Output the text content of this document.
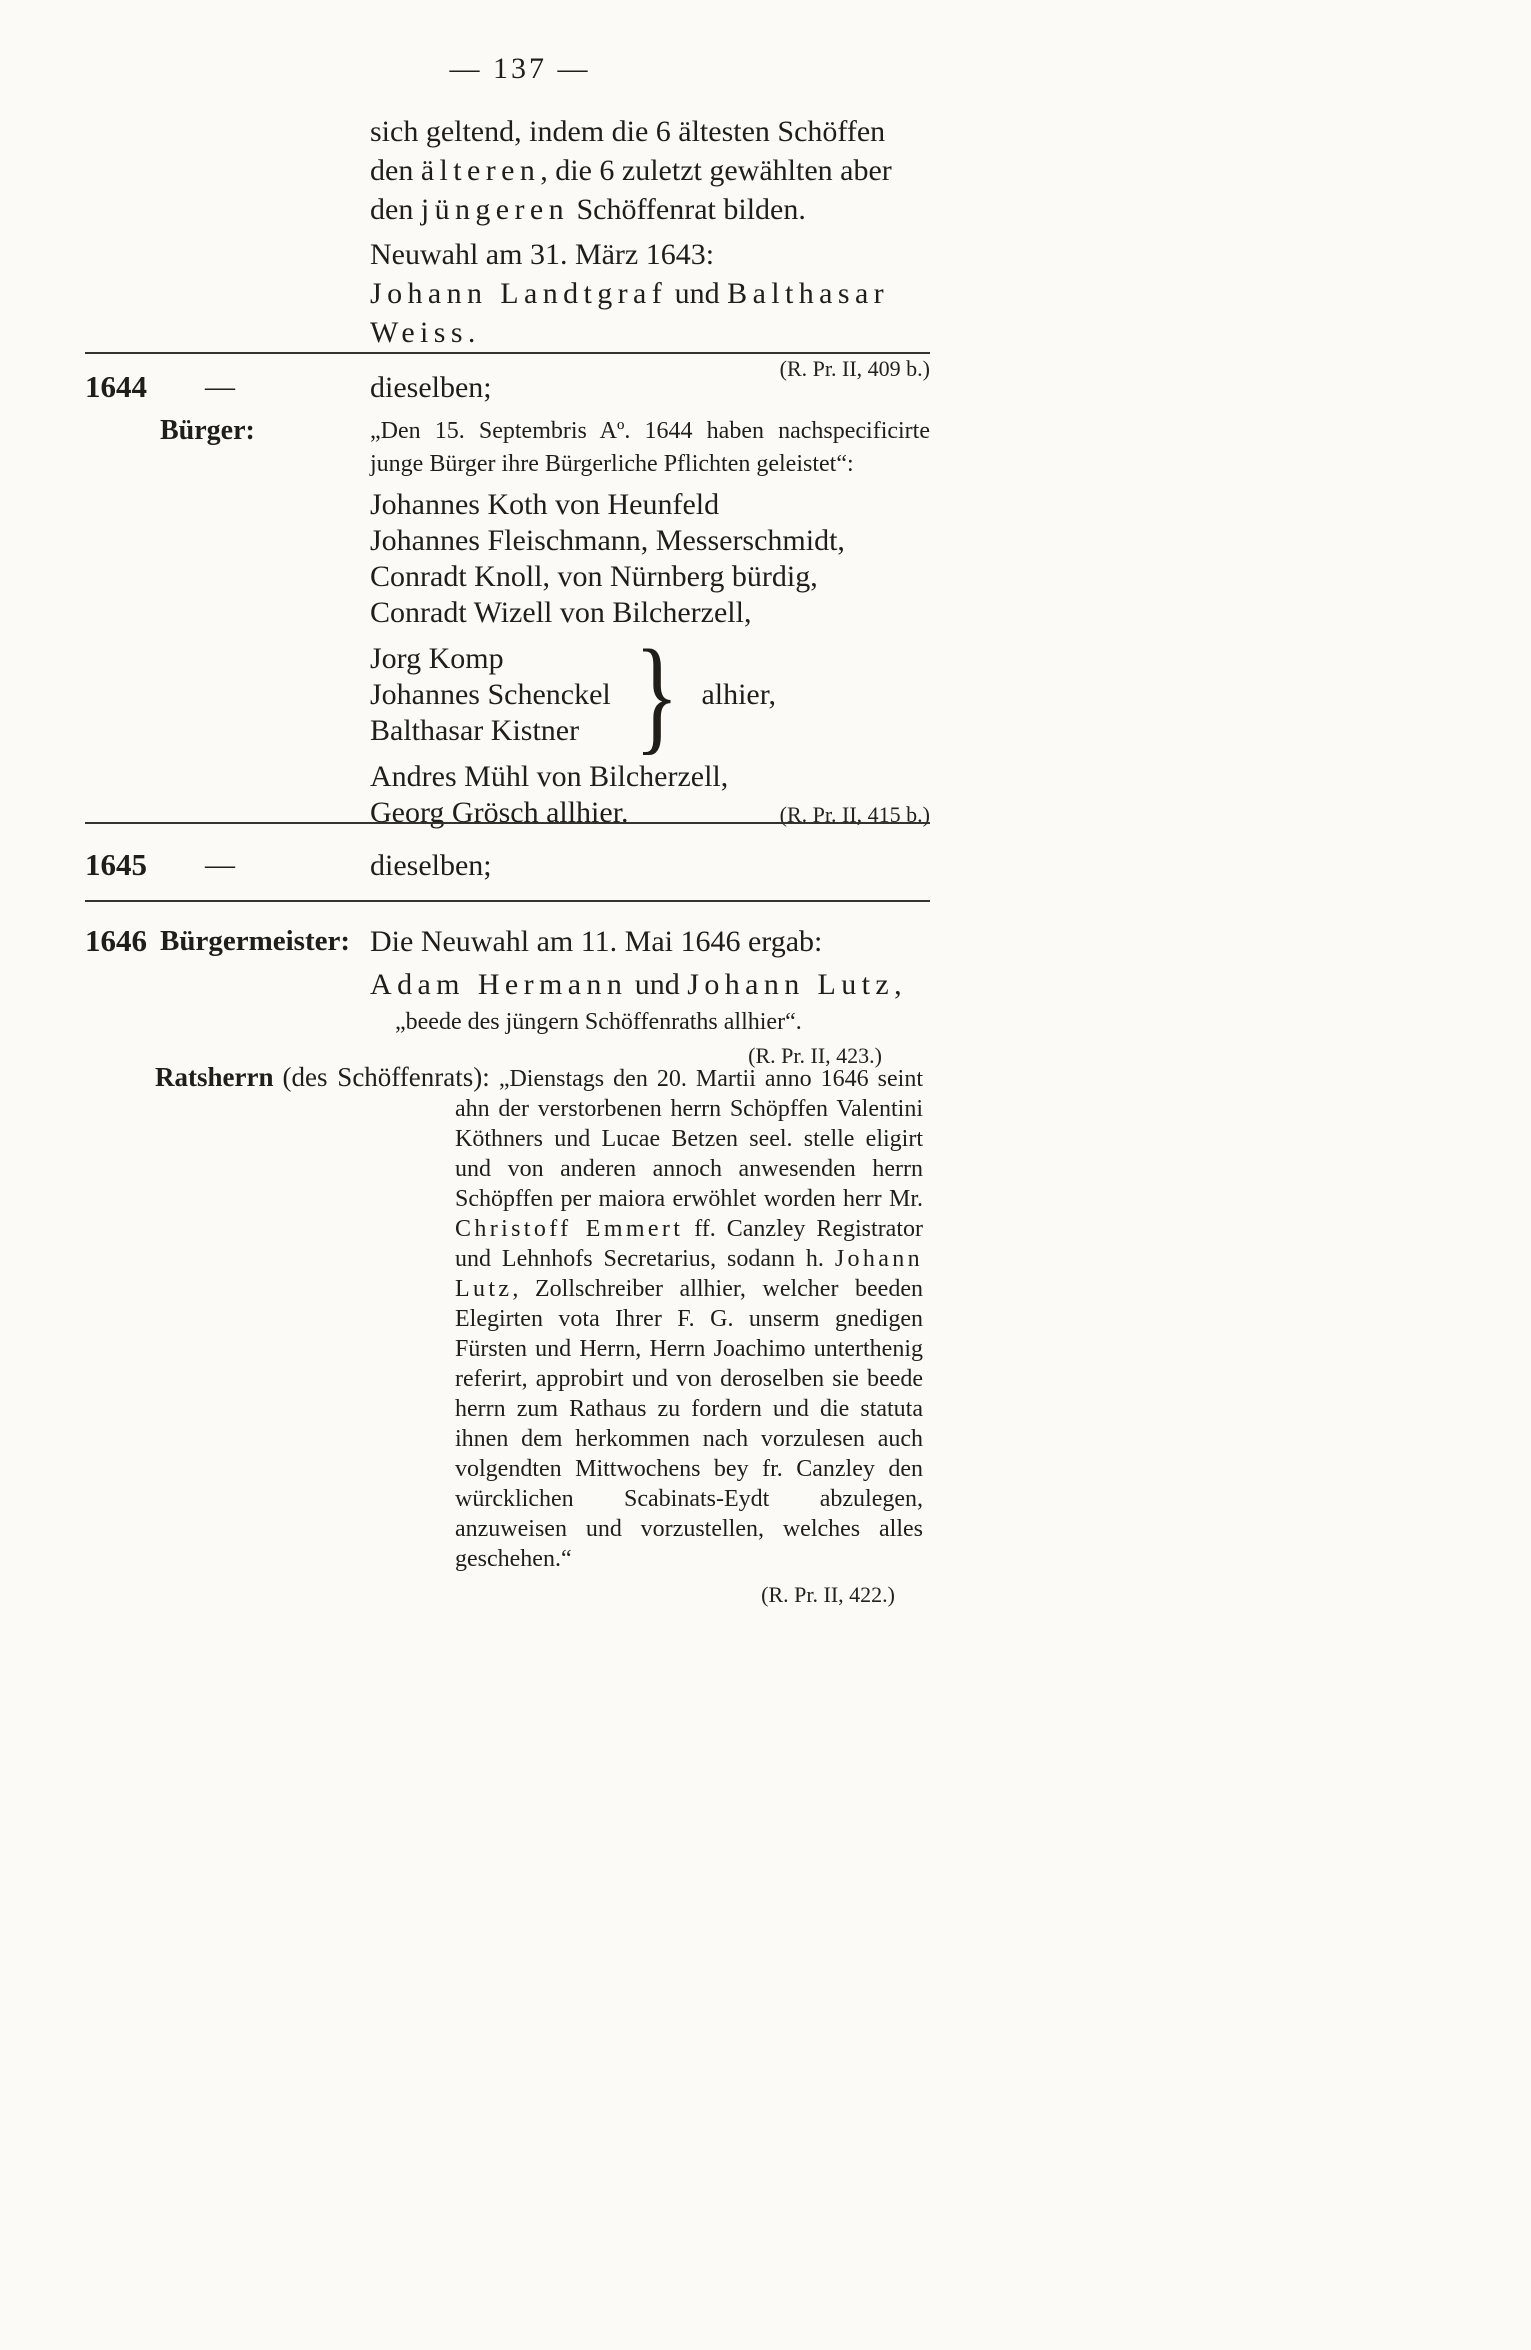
— 137 —

sich geltend, indem die 6 ältesten Schöffen den älteren, die 6 zuletzt gewählten aber den jüngeren Schöffenrat bilden.

Neuwahl am 31. März 1643:

Johann Landtgraf und Balthasar Weiss.

(R. Pr. II, 409 b.)

1644 —
Bürger:

dieselben;

„Den 15. Septembris Aº. 1644 haben nachspecificirte junge Bürger ihre Bürgerliche Pflichten geleistet“:

Johannes Koth von Heunfeld
Johannes Fleischmann, Messerschmidt,
Conradt Knoll, von Nürnberg bürdig,
Conradt Wizell von Bilcherzell,
Jorg Komp
Johannes Schenckel
Balthasar Kistner } alhier,
Andres Mühl von Bilcherzell,
Georg Grösch allhier.	(R. Pr. II, 415 b.)
1645 —	dieselben;

1646 Bürgermeister: Die Neuwahl am 11. Mai 1646 ergab:

Adam Hermann und Johann Lutz,

„beede des jüngern Schöffenraths allhier“.

(R. Pr. II, 423.)

Ratsherrn (des Schöffenrats): „Dienstags den 20. Martii anno 1646 seint ahn der verstorbenen herrn Schöpffen Valentini Köthners und Lucae Betzen seel. stelle eligirt und von anderen annoch anwesenden herrn Schöpffen per maiora erwöhlet worden herr Mr. Christoff Emmert ff. Canzley Registrator und Lehnhofs Secretarius, sodann h. Johann Lutz, Zollschreiber allhier, welcher beeden Elegirten vota Ihrer F. G. unserm gnedigen Fürsten und Herrn, Herrn Joachimo unterthenig referirt, approbirt und von deroselben sie beede herrn zum Rathaus zu fordern und die statuta ihnen dem herkommen nach vorzulesen auch volgendten Mittwochens bey fr. Canzley den würcklichen Scabinats-Eydt abzulegen, anzuweisen und vorzustellen, welches alles geschehen.“

(R. Pr. II, 422.)
